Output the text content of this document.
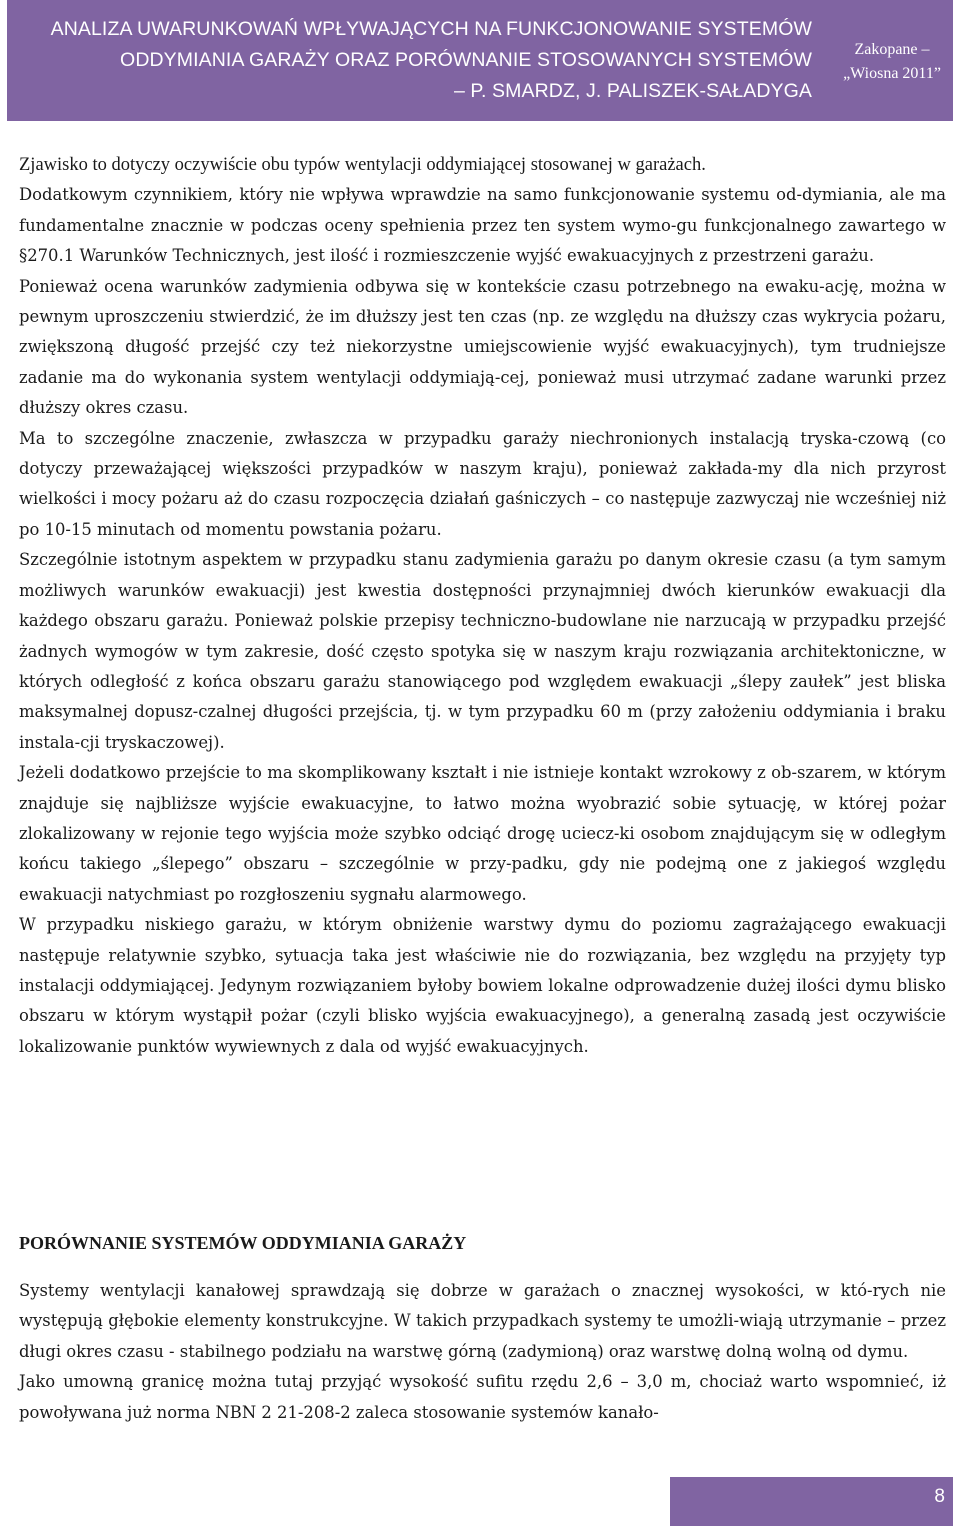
ANALIZA UWARUNKOWAŃ WPŁYWAJĄCYCH NA FUNKCJONOWANIE SYSTEMÓW
ODDYMIANIA GARAŻY ORAZ PORÓWNANIE STOSOWANYCH SYSTEMÓW
– P. SMARDZ, J. PALISZEK-SAŁADYGA
Zakopane –
„Wiosna 2011”

Zjawisko to dotyczy oczywiście obu typów wentylacji oddymiającej stosowanej w garażach.

Dodatkowym czynnikiem, który nie wpływa wprawdzie na samo funkcjonowanie systemu od-dymiania, ale ma fundamentalne znacznie w podczas oceny spełnienia przez ten system wymo-gu funkcjonalnego zawartego w §270.1 Warunków Technicznych, jest ilość i rozmieszczenie wyjść ewakuacyjnych z przestrzeni garażu.

Ponieważ ocena warunków zadymienia odbywa się w kontekście czasu potrzebnego na ewaku-ację, można w pewnym uproszczeniu stwierdzić, że im dłuższy jest ten czas (np. ze względu na dłuższy czas wykrycia pożaru, zwiększoną długość przejść czy też niekorzystne umiejscowienie wyjść ewakuacyjnych), tym trudniejsze zadanie ma do wykonania system wentylacji oddymiają-cej, ponieważ musi utrzymać zadane warunki przez dłuższy okres czasu.

Ma to szczególne znaczenie, zwłaszcza w przypadku garaży niechronionych instalacją tryska-czową (co dotyczy przeważającej większości przypadków w naszym kraju), ponieważ zakłada-my dla nich przyrost wielkości i mocy pożaru aż do czasu rozpoczęcia działań gaśniczych – co następuje zazwyczaj nie wcześniej niż po 10-15 minutach od momentu powstania pożaru.

Szczególnie istotnym aspektem w przypadku stanu zadymienia garażu po danym okresie czasu (a tym samym możliwych warunków ewakuacji) jest kwestia dostępności przynajmniej dwóch kierunków ewakuacji dla każdego obszaru garażu. Ponieważ polskie przepisy techniczno-budowlane nie narzucają w przypadku przejść żadnych wymogów w tym zakresie, dość często spotyka się w naszym kraju rozwiązania architektoniczne, w których odległość z końca obszaru garażu stanowiącego pod względem ewakuacji „ślepy zaułek” jest bliska maksymalnej dopusz-czalnej długości przejścia, tj. w tym przypadku 60 m (przy założeniu oddymiania i braku instala-cji tryskaczowej).

Jeżeli dodatkowo przejście to ma skomplikowany kształt i nie istnieje kontakt wzrokowy z ob-szarem, w którym znajduje się najbliższe wyjście ewakuacyjne, to łatwo można wyobrazić sobie sytuację, w której pożar zlokalizowany w rejonie tego wyjścia może szybko odciąć drogę uciecz-ki osobom znajdującym się w odległym końcu takiego „ślepego” obszaru – szczególnie w przy-padku, gdy nie podejmą one z jakiegoś względu ewakuacji natychmiast po rozgłoszeniu sygnału alarmowego.

W przypadku niskiego garażu, w którym obniżenie warstwy dymu do poziomu zagrażającego ewakuacji następuje relatywnie szybko, sytuacja taka jest właściwie nie do rozwiązania, bez względu na przyjęty typ instalacji oddymiającej. Jedynym rozwiązaniem byłoby bowiem lokalne odprowadzenie dużej ilości dymu blisko obszaru w którym wystąpił pożar (czyli blisko wyjścia ewakuacyjnego), a generalną zasadą jest oczywiście lokalizowanie punktów wywiewnych z dala od wyjść ewakuacyjnych.

PORÓWNANIE SYSTEMÓW ODDYMIANIA GARAŻY

Systemy wentylacji kanałowej sprawdzają się dobrze w garażach o znacznej wysokości, w któ-rych nie występują głębokie elementy konstrukcyjne. W takich przypadkach systemy te umożli-wiają utrzymanie – przez długi okres czasu - stabilnego podziału na warstwę górną (zadymioną) oraz warstwę dolną wolną od dymu.

Jako umowną granicę można tutaj przyjąć wysokość sufitu rzędu 2,6 – 3,0 m, chociaż warto wspomnieć, iż powoływana już norma NBN 2 21-208-2 zaleca stosowanie systemów kanało-

8
